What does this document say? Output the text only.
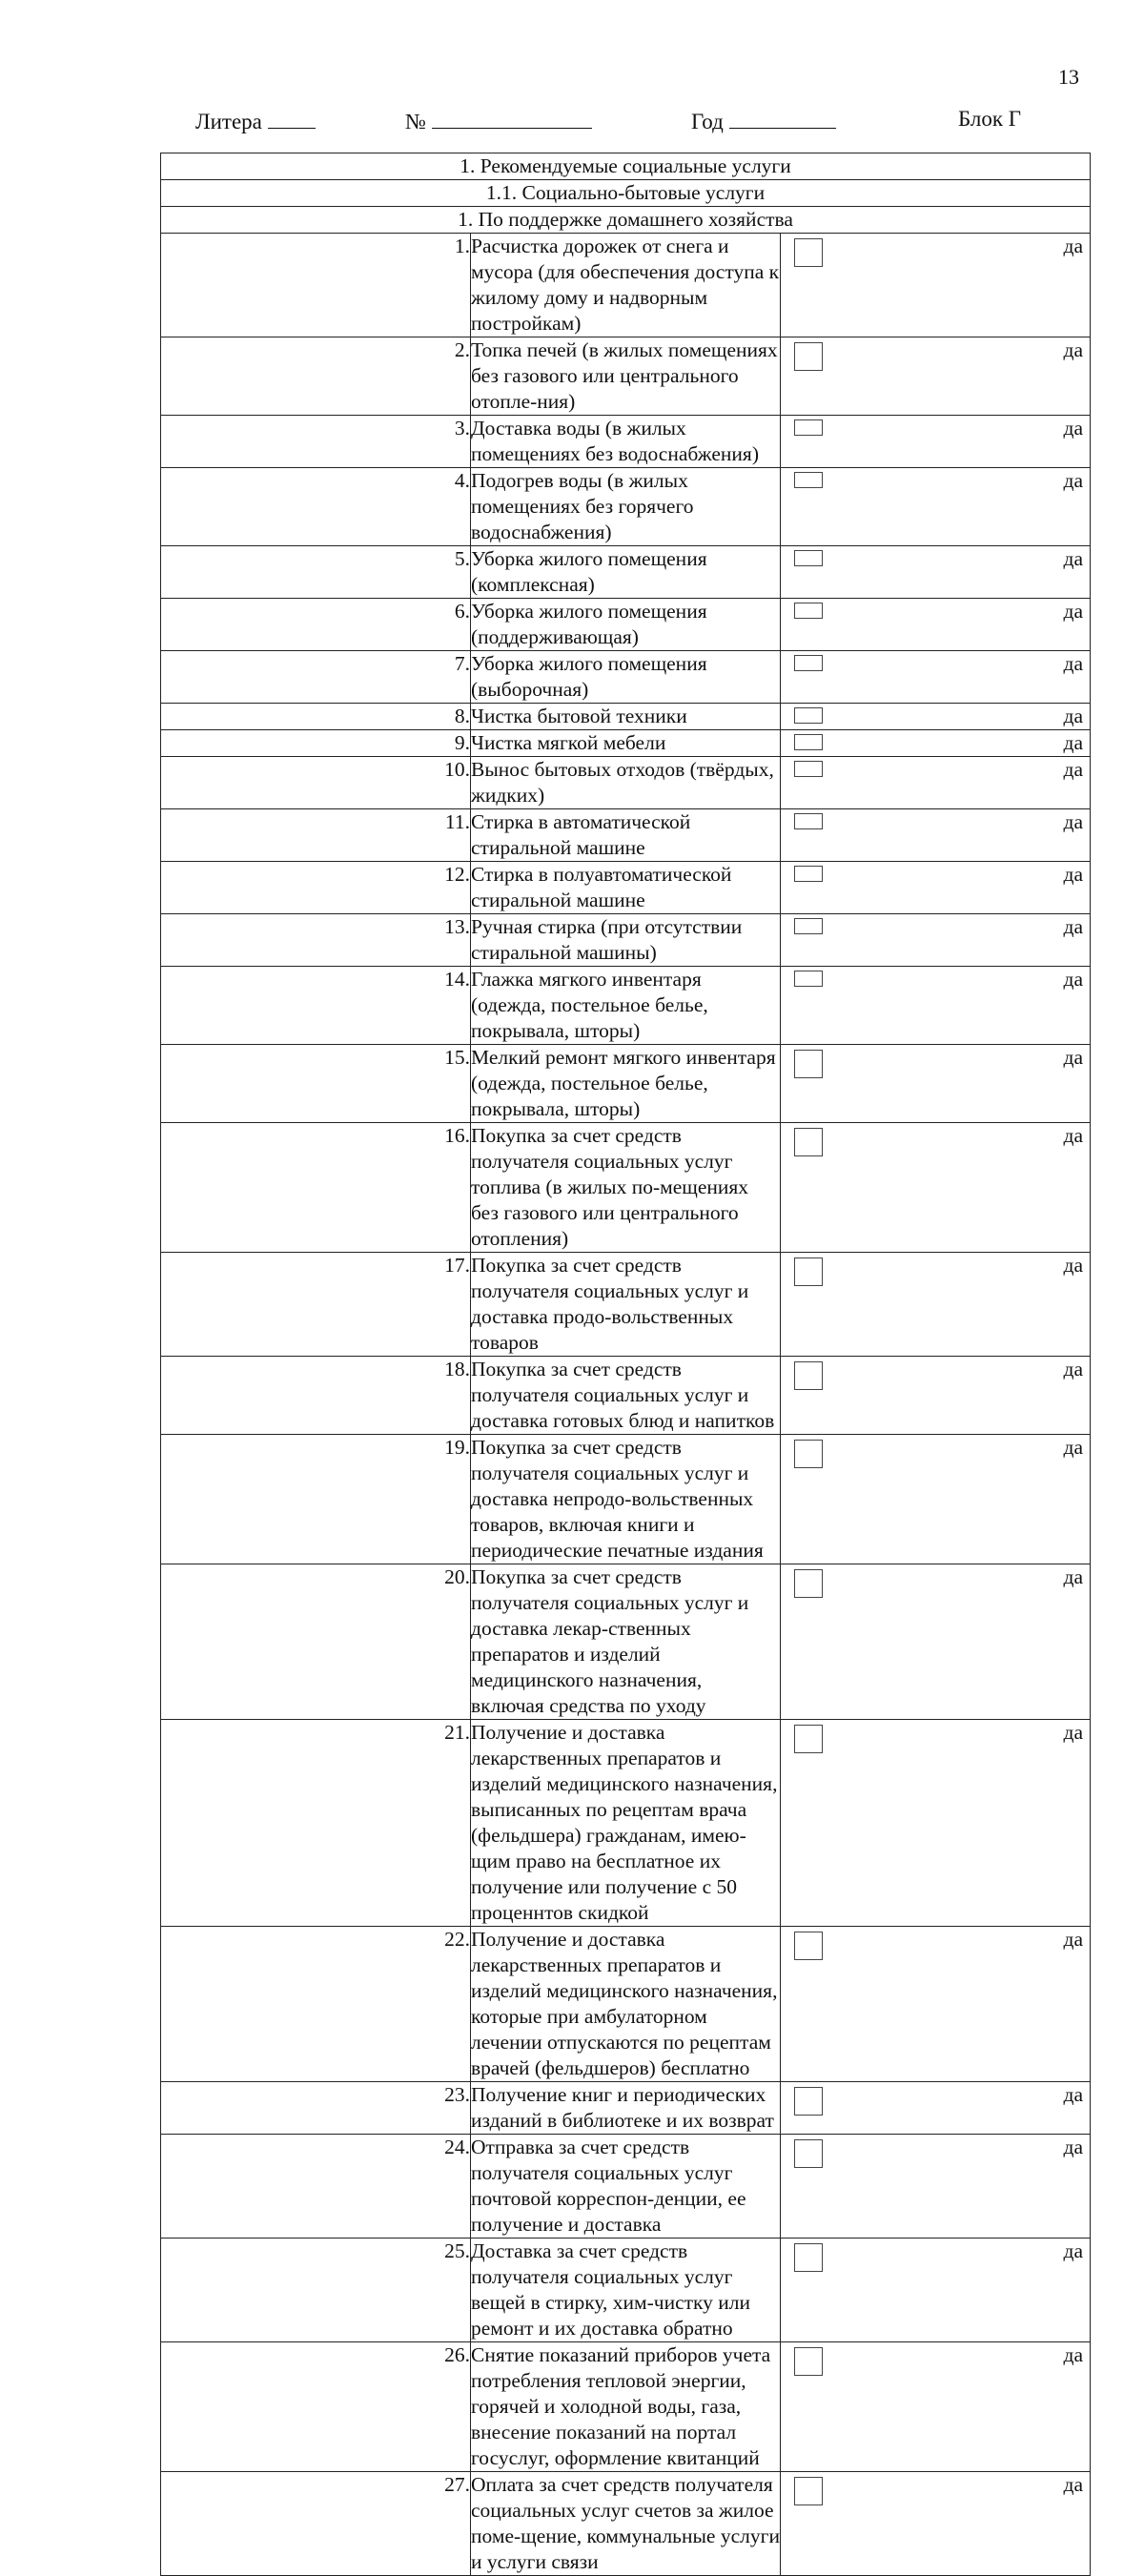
13
Литера	№	Год	Блок Г
1. Рекомендуемые социальные услуги		
1.1. Социально-бытовые услуги		
1. По поддержке домашнего хозяйства		
1.	Расчистка дорожек от снега и мусора (для обеспечения доступа к жилому дому и надворным постройкам)	да

2.	Топка печей (в жилых помещениях без газового или центрального отопле-ния)	да

3.	Доставка воды (в жилых помещениях без водоснабжения)	да

4.	Подогрев воды (в жилых помещениях без горячего водоснабжения)	да

5.	Уборка жилого помещения (комплексная)	да

6.	Уборка жилого помещения (поддерживающая)	да

7.	Уборка жилого помещения (выборочная)	да

8.	Чистка бытовой техники	да

9.	Чистка мягкой мебели	да

10.	Вынос бытовых отходов (твёрдых, жидких)	да

11.	Стирка в автоматической стиральной машине	да

12.	Стирка в полуавтоматической стиральной машине	да

13.	Ручная стирка (при отсутствии стиральной машины)	да

14.	Глажка мягкого инвентаря (одежда, постельное белье, покрывала, шторы)	да

15.	Мелкий ремонт мягкого инвентаря (одежда, постельное белье, покрывала, шторы)	да

16.	Покупка за счет средств получателя социальных услуг топлива (в жилых по-мещениях без газового или центрального отопления)	да

17.	Покупка за счет средств получателя социальных услуг и доставка продо-вольственных товаров	да

18.	Покупка за счет средств получателя социальных услуг и доставка готовых блюд и напитков	да

19.	Покупка за счет средств получателя социальных услуг и доставка непродо-вольственных товаров, включая книги и периодические печатные издания	да

20.	Покупка за счет средств получателя социальных услуг и доставка лекар-ственных препаратов и изделий медицинского назначения, включая средства по уходу	да

21.	Получение и доставка лекарственных препаратов и изделий медицинского назначения, выписанных по рецептам врача (фельдшера) гражданам, имею-щим право на бесплатное их получение или получение с 50 проценнтов скидкой	да

22.	Получение и доставка лекарственных препаратов и изделий медицинского назначения, которые при амбулаторном лечении отпускаются по рецептам врачей (фельдшеров) бесплатно	да

23.	Получение книг и периодических изданий в библиотеке и их возврат	да

24.	Отправка за счет средств получателя социальных услуг почтовой корреспон-денции, ее получение и доставка	да

25.	Доставка за счет средств получателя социальных услуг вещей в стирку, хим-чистку или ремонт и их доставка обратно	да

26.	Снятие показаний приборов учета потребления тепловой энергии, горячей и холодной воды, газа, внесение показаний на портал госуслуг, оформление квитанций	да

27.	Оплата за счет средств получателя социальных услуг счетов за жилое поме-щение, коммунальные услуги и услуги связи	да
